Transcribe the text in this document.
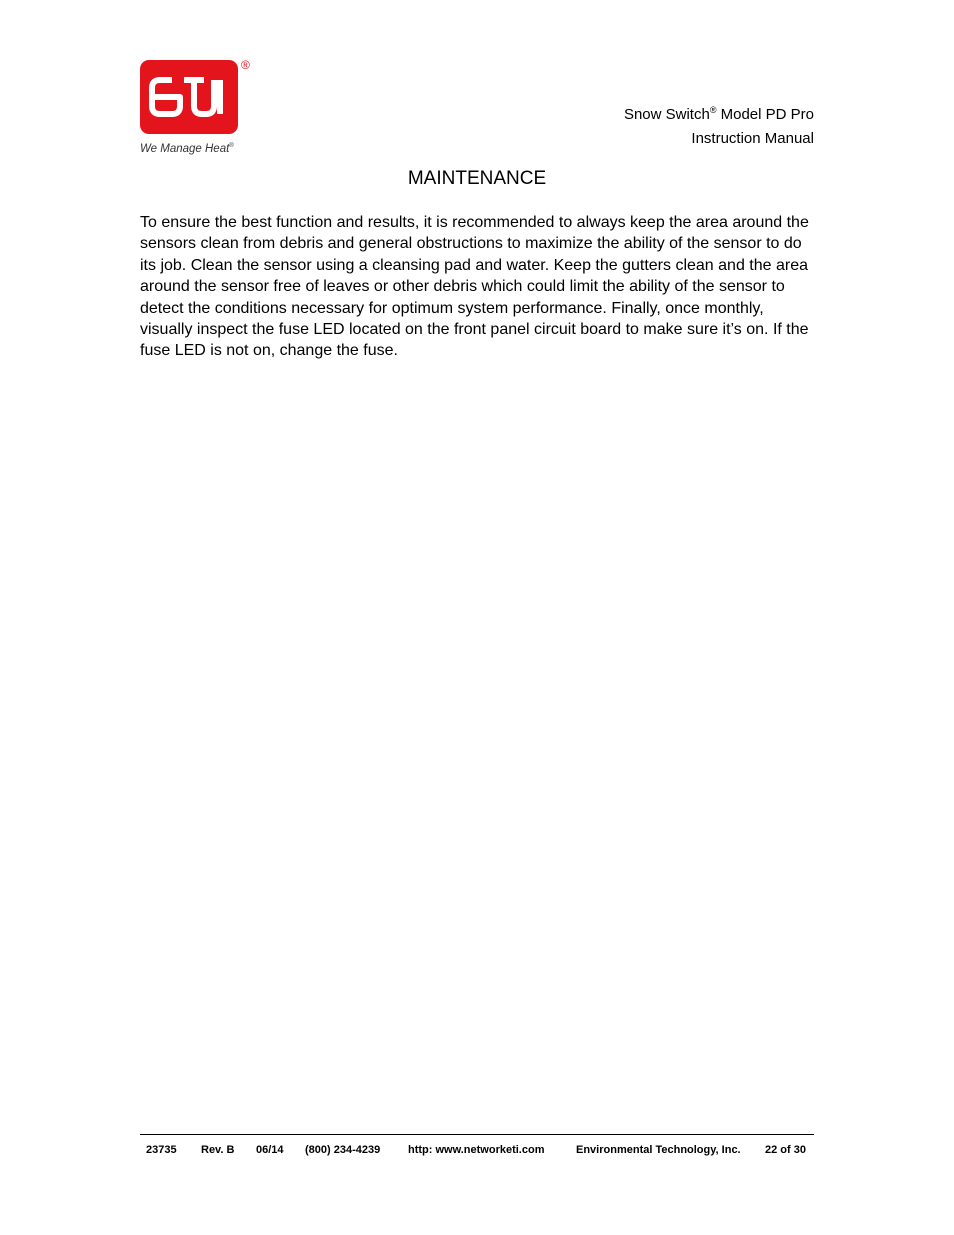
®
We Manage Heat®
Snow Switch® Model PD Pro
Instruction Manual
MAINTENANCE
To ensure the best function and results, it is recommended to always keep the area around the sensors clean from debris and general obstructions to maximize the ability of the sensor to do its job. Clean the sensor using a cleansing pad and water. Keep the gutters clean and the area around the sensor free of leaves or other debris which could limit the ability of the sensor to detect the conditions necessary for optimum system performance. Finally, once monthly, visually inspect the fuse LED located on the front panel circuit board to make sure it’s on. If the fuse LED is not on, change the fuse.
23735 Rev. B 06/14 (800) 234-4239	http: www.networketi.com	Environmental Technology, Inc. 22 of 30
